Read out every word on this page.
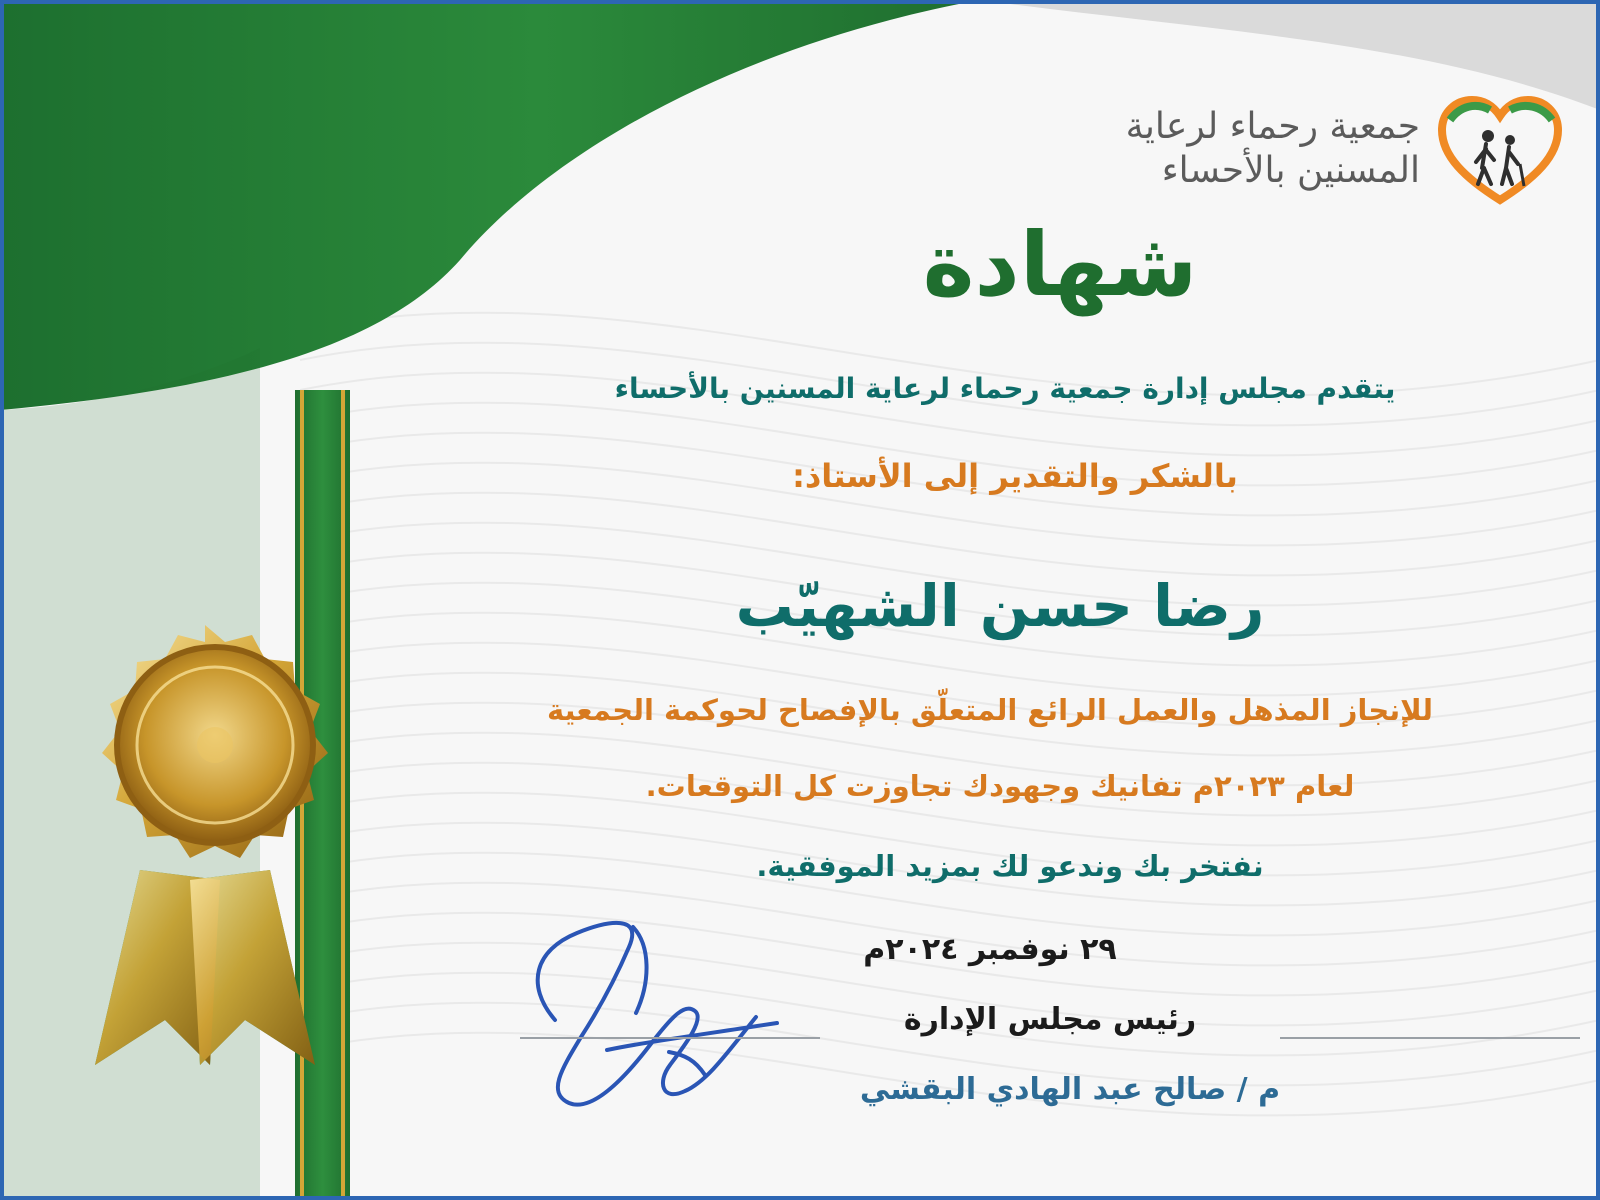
جمعية رحماء لرعاية
المسنين بالأحساء
شهادة
يتقدم مجلس إدارة جمعية رحماء لرعاية المسنين بالأحساء
بالشكر والتقدير إلى الأستاذ:
رضا حسن الشهيّب
للإنجاز المذهل والعمل الرائع المتعلّق بالإفصاح لحوكمة الجمعية
لعام ٢٠٢٣م تفانيك وجهودك تجاوزت كل التوقعات.
نفتخر بك وندعو لك بمزيد الموفقية.
٢٩ نوفمبر ٢٠٢٤م
رئيس مجلس الإدارة
م / صالح عبد الهادي البقشي
